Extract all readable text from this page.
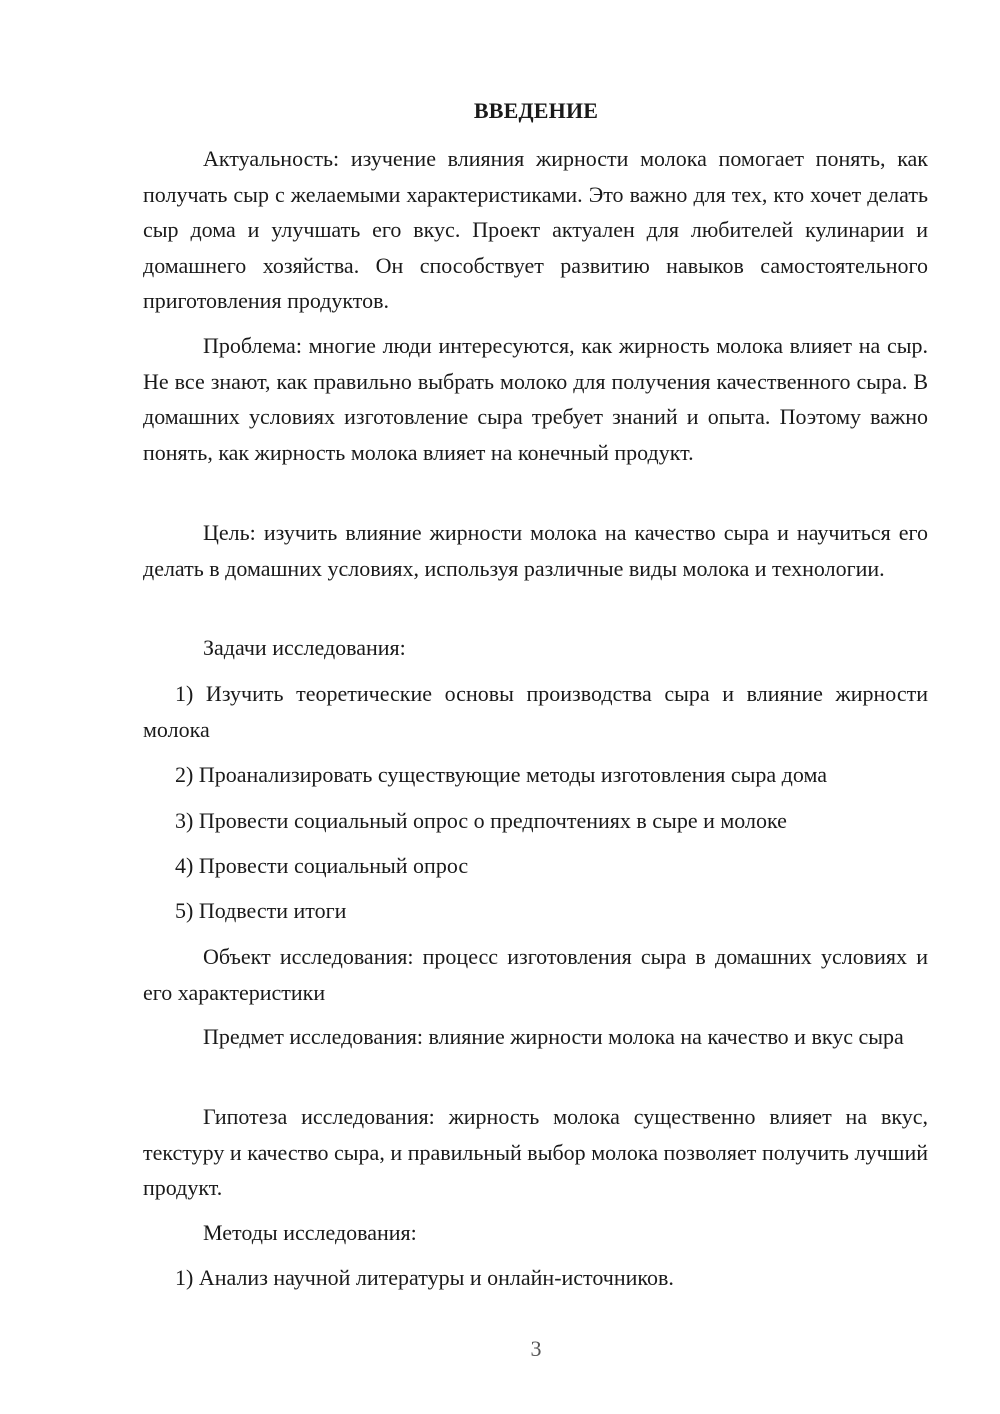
ВВЕДЕНИЕ

Актуальность: изучение влияния жирности молока помогает понять, как получать сыр с желаемыми характеристиками. Это важно для тех, кто хочет делать сыр дома и улучшать его вкус. Проект актуален для любителей кулинарии и домашнего хозяйства. Он способствует развитию навыков самостоятельного приготовления продуктов.

Проблема: многие люди интересуются, как жирность молока влияет на сыр. Не все знают, как правильно выбрать молоко для получения качественного сыра. В домашних условиях изготовление сыра требует знаний и опыта. Поэтому важно понять, как жирность молока влияет на конечный продукт.

Цель: изучить влияние жирности молока на качество сыра и научиться его делать в домашних условиях, используя различные виды молока и технологии.

Задачи исследования:

1) Изучить теоретические основы производства сыра и влияние жирности молока

2) Проанализировать существующие методы изготовления сыра дома

3) Провести социальный опрос о предпочтениях в сыре и молоке

4) Провести социальный опрос

5) Подвести итоги

Объект исследования: процесс изготовления сыра в домашних условиях и его характеристики

Предмет исследования: влияние жирности молока на качество и вкус сыра

Гипотеза исследования: жирность молока существенно влияет на вкус, текстуру и качество сыра, и правильный выбор молока позволяет получить лучший продукт.

Методы исследования:

1) Анализ научной литературы и онлайн-источников.

3
